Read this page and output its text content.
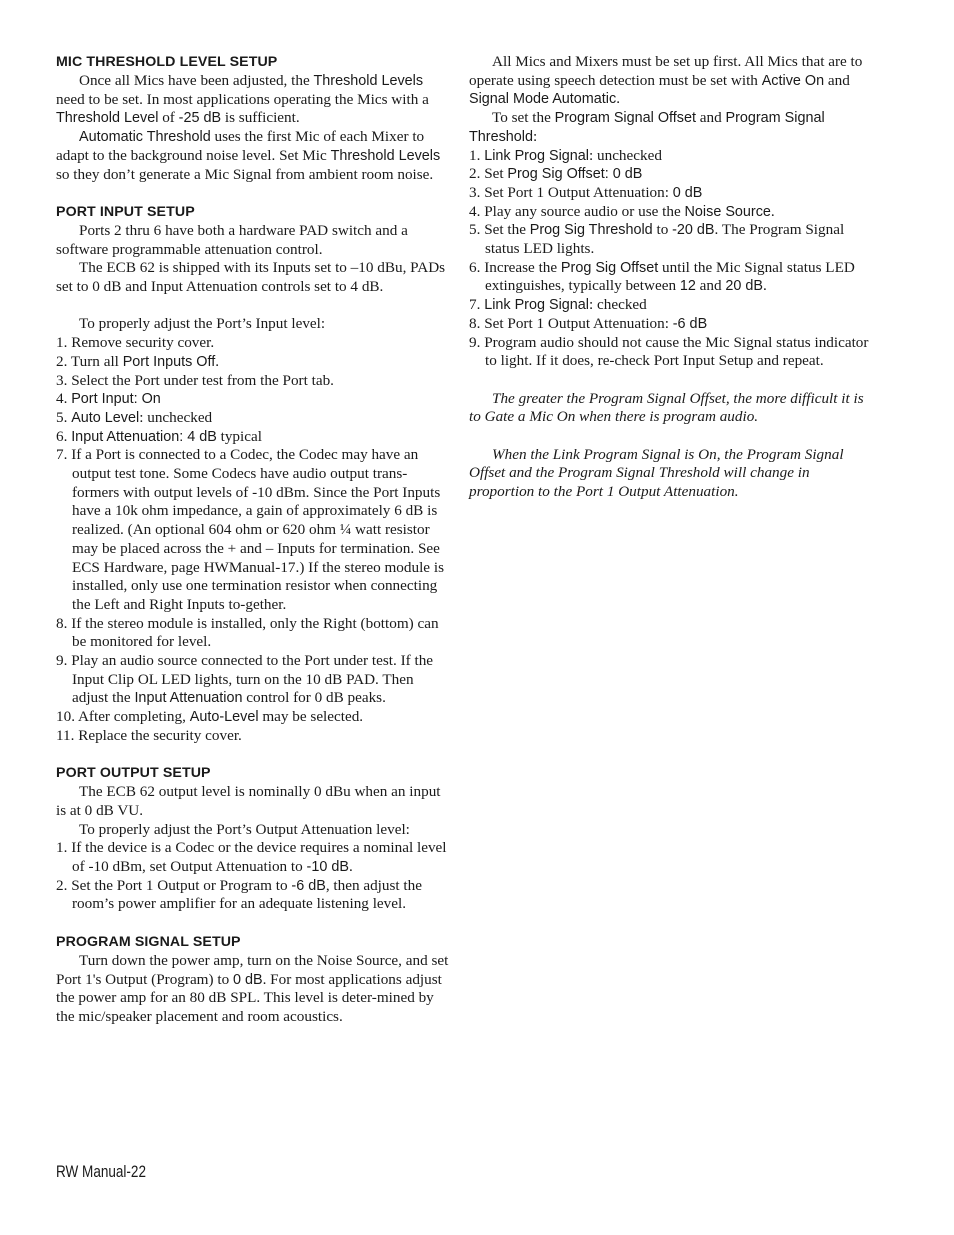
MIC THRESHOLD LEVEL SETUP

Once all Mics have been adjusted, the Threshold Levels need to be set. In most applications operating the Mics with a Threshold Level of -25 dB is sufficient.

Automatic Threshold uses the first Mic of each Mixer to adapt to the background noise level. Set Mic Threshold Levels so they don’t generate a Mic Signal from ambient room noise.

PORT INPUT SETUP

Ports 2 thru 6 have both a hardware PAD switch and a software programmable attenuation control.

The ECB 62 is shipped with its Inputs set to –10 dBu, PADs set to 0 dB and Input Attenuation controls set to 4 dB.

To properly adjust the Port’s Input level:

1. Remove security cover.

2. Turn all Port Inputs Off.

3. Select the Port under test from the Port tab.

4. Port Input: On

5. Auto Level: unchecked

6. Input Attenuation: 4 dB typical

7. If a Port is connected to a Codec, the Codec may have an output test tone. Some Codecs have audio output trans-formers with output levels of -10 dBm. Since the Port Inputs have a 10k ohm impedance, a gain of approximately 6 dB is realized. (An optional 604 ohm or 620 ohm ¼ watt resistor may be placed across the + and – Inputs for termination. See ECS Hardware, page HWManual-17.) If the stereo module is installed, only use one termination resistor when connecting the Left and Right Inputs to-gether.

8. If the stereo module is installed, only the Right (bottom) can be monitored for level.

9. Play an audio source connected to the Port under test. If the Input Clip OL LED lights, turn on the 10 dB PAD. Then adjust the Input Attenuation control for 0 dB peaks.

10. After completing, Auto-Level may be selected.

11. Replace the security cover.

PORT OUTPUT SETUP

The ECB 62 output level is nominally 0 dBu when an input is at 0 dB VU.

To properly adjust the Port’s Output Attenuation level:

1. If the device is a Codec or the device requires a nominal level of -10 dBm, set Output Attenuation to -10 dB.

2. Set the Port 1 Output or Program to -6 dB, then adjust the room’s power amplifier for an adequate listening level.

PROGRAM SIGNAL SETUP

Turn down the power amp, turn on the Noise Source, and set Port 1's Output (Program) to 0 dB. For most applications adjust the power amp for an 80 dB SPL. This level is deter-mined by the mic/speaker placement and room acoustics.

All Mics and Mixers must be set up first. All Mics that are to operate using speech detection must be set with Active On and Signal Mode Automatic.

To set the Program Signal Offset and Program Signal Threshold:

1. Link Prog Signal: unchecked

2. Set Prog Sig Offset: 0 dB

3. Set Port 1 Output Attenuation: 0 dB

4. Play any source audio or use the Noise Source.

5. Set the Prog Sig Threshold to -20 dB. The Program Signal status LED lights.

6. Increase the Prog Sig Offset until the Mic Signal status LED extinguishes, typically between 12 and 20 dB.

7. Link Prog Signal: checked

8. Set Port 1 Output Attenuation: -6 dB

9. Program audio should not cause the Mic Signal status indicator to light. If it does, re-check Port Input Setup and repeat.

The greater the Program Signal Offset, the more difficult it is to Gate a Mic On when there is program audio.

When the Link Program Signal is On, the Program Signal Offset and the Program Signal Threshold will change in proportion to the Port 1 Output Attenuation.

RW Manual-22
